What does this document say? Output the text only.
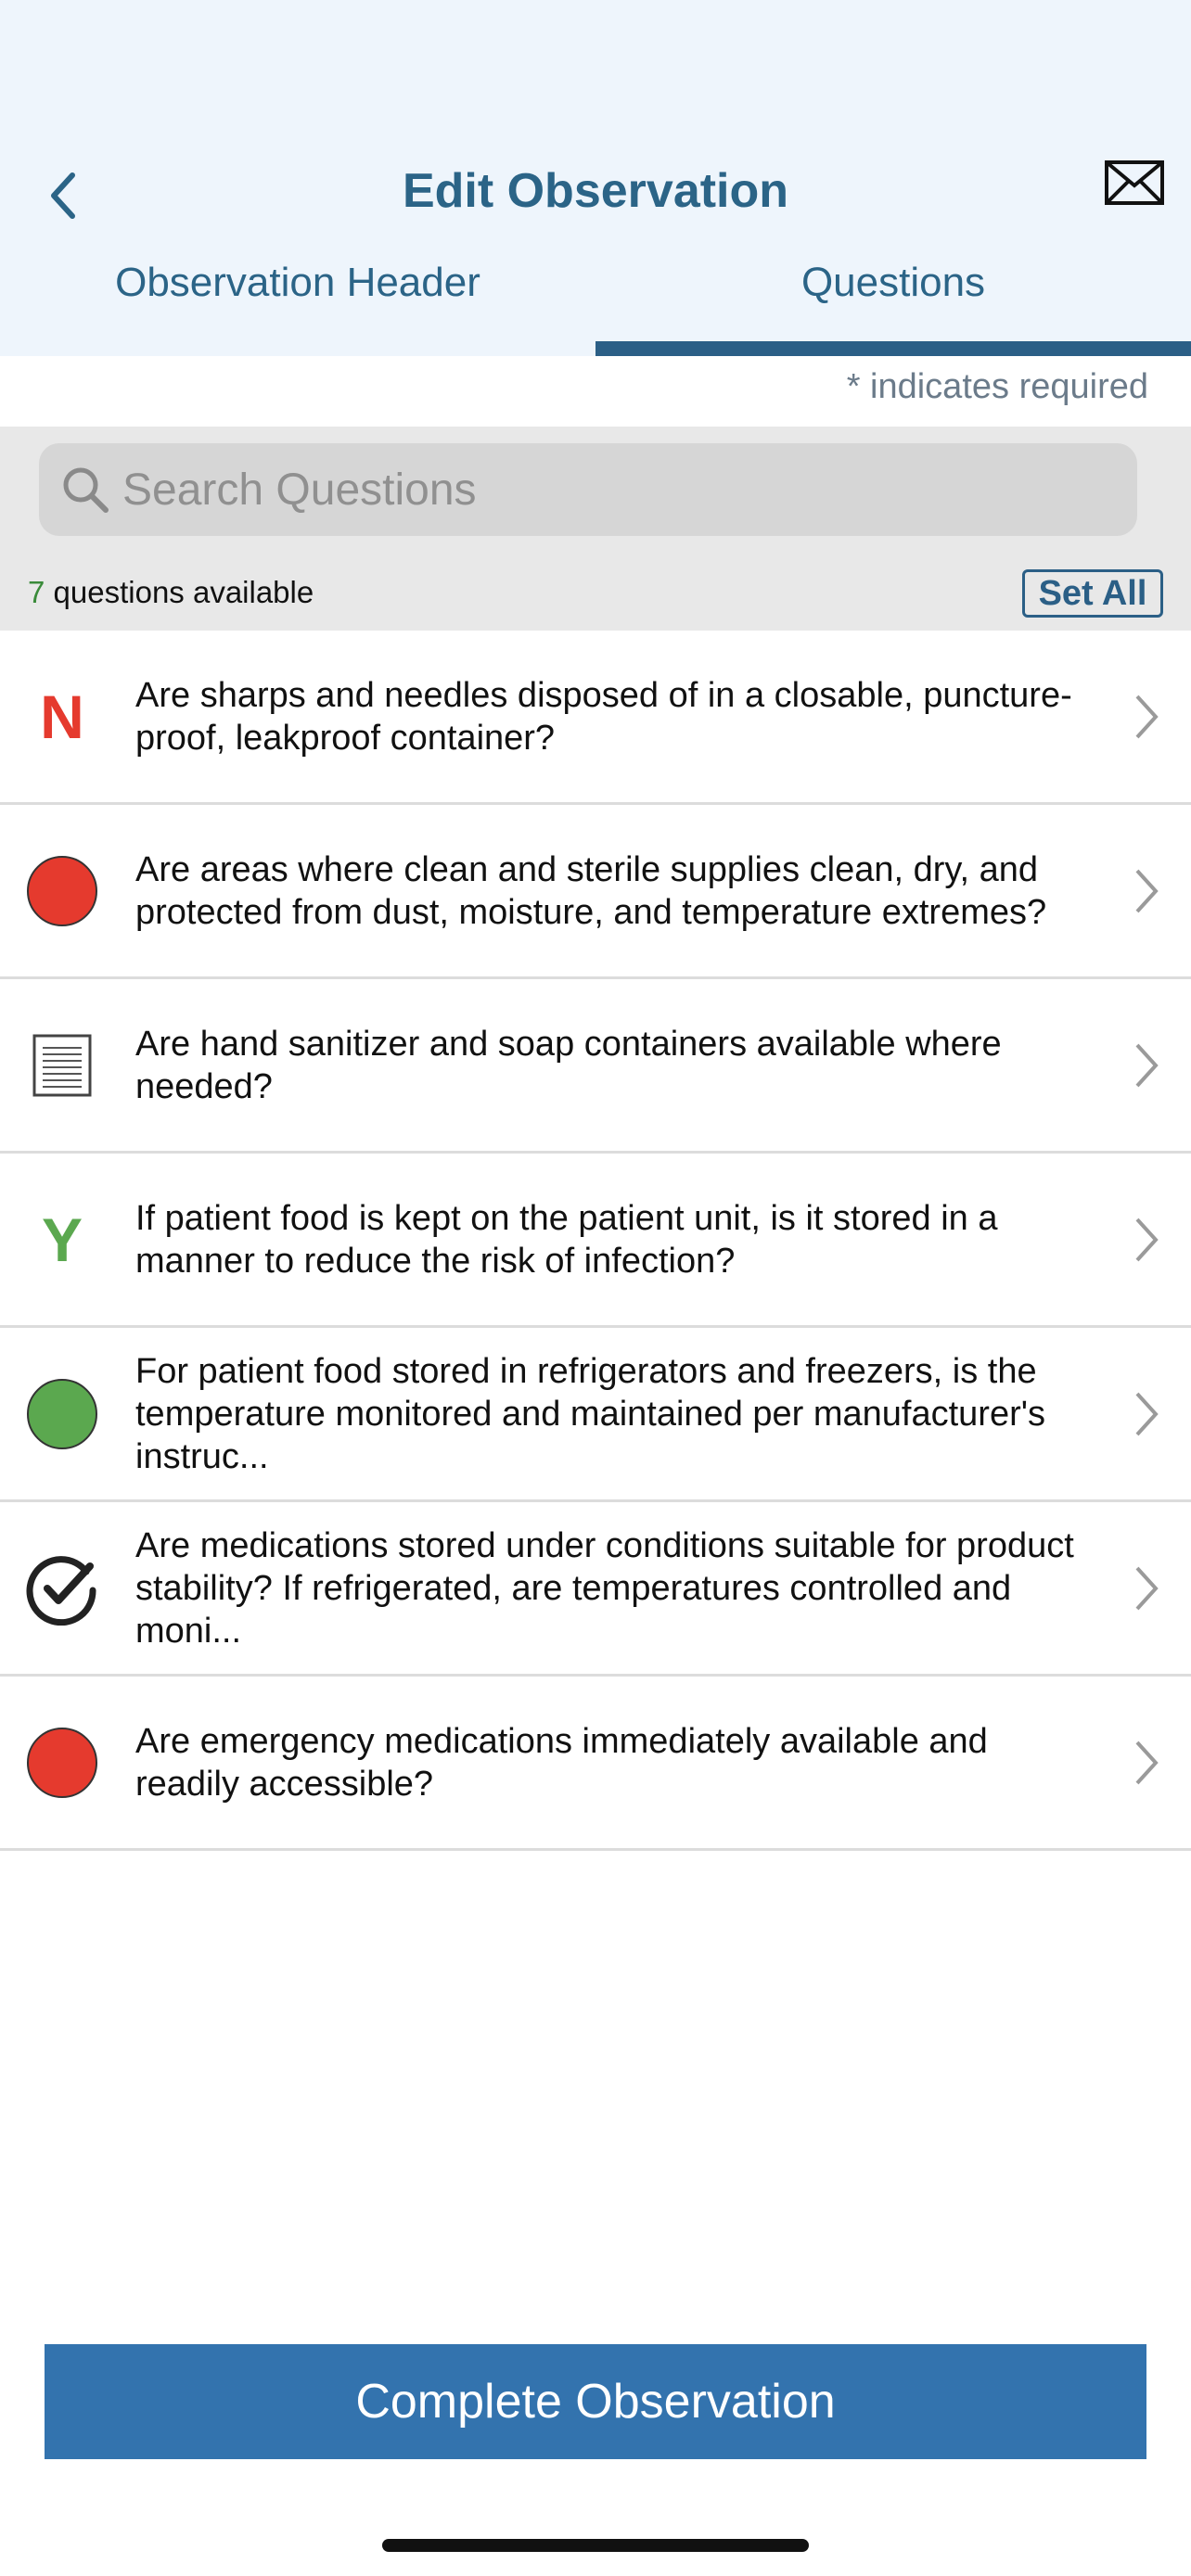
Edit Observation
Observation Header	Questions
* indicates required
Search Questions
7 questions available	Set All
N Are sharps and needles disposed of in a closable, puncture-proof, leakproof container?
Are areas where clean and sterile supplies clean, dry, and protected from dust, moisture, and temperature extremes?
Are hand sanitizer and soap containers available where needed?
Y If patient food is kept on the patient unit, is it stored in a manner to reduce the risk of infection?
For patient food stored in refrigerators and freezers, is the temperature monitored and maintained per manufacturer's instruc...
Are medications stored under conditions suitable for product stability? If refrigerated, are temperatures controlled and moni...
Are emergency medications immediately available and readily accessible?
Complete Observation
